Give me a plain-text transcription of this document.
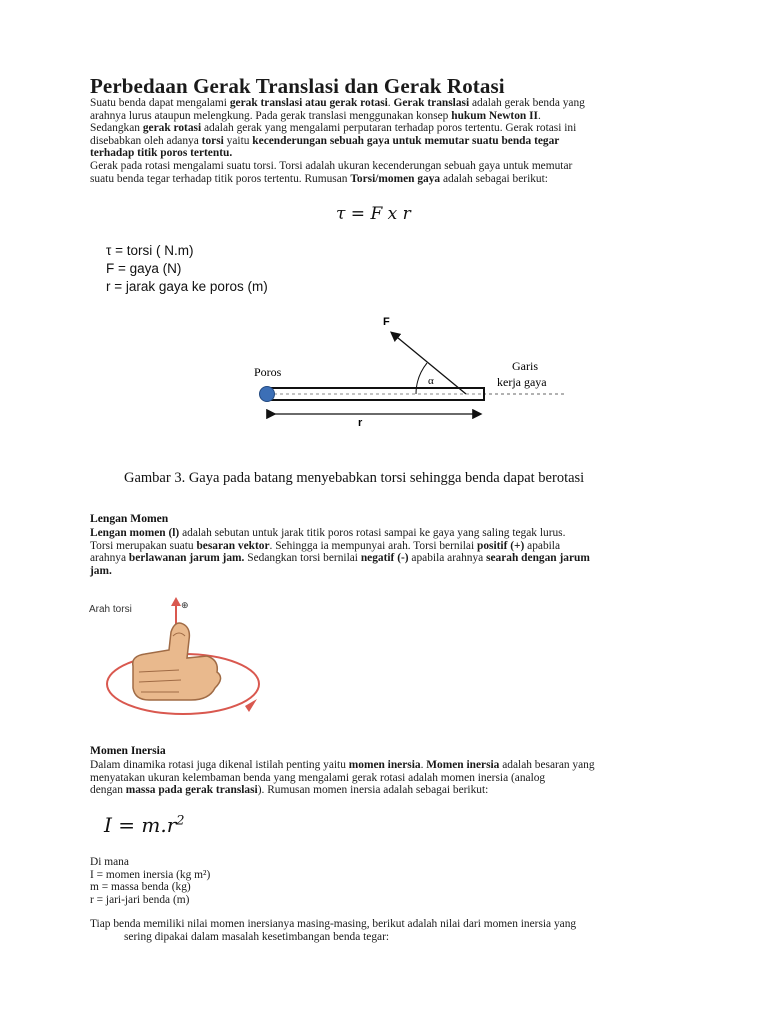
Perbedaan Gerak Translasi dan Gerak Rotasi
Suatu benda dapat mengalami gerak translasi atau gerak rotasi. Gerak translasi adalah gerak benda yang
arahnya lurus ataupun melengkung. Pada gerak translasi menggunakan konsep hukum Newton II.
Sedangkan gerak rotasi adalah gerak yang mengalami perputaran terhadap poros tertentu. Gerak rotasi ini
disebabkan oleh adanya torsi yaitu kecenderungan sebuah gaya untuk memutar suatu benda tegar
terhadap titik poros tertentu.
Gerak pada rotasi mengalami suatu torsi. Torsi adalah ukuran kecenderungan sebuah gaya untuk memutar
suatu benda tegar terhadap titik poros tertentu. Rumusan Torsi/momen gaya adalah sebagai berikut:
τ = F x r
τ = torsi ( N.m)
F = gaya (N)
r = jarak gaya ke poros (m)
F
Poros
α
Garis
kerja gaya
r
Gambar 3. Gaya pada batang menyebabkan torsi sehingga benda dapat berotasi
Lengan Momen
Lengan momen (l) adalah sebutan untuk jarak titik poros rotasi sampai ke gaya yang saling tegak lurus.
Torsi merupakan suatu besaran vektor. Sehingga ia mempunyai arah. Torsi bernilai positif (+) apabila
arahnya berlawanan jarum jam. Sedangkan torsi bernilai negatif (-) apabila arahnya searah dengan jarum
jam.
Arah torsi	⊕
Momen Inersia
Dalam dinamika rotasi juga dikenal istilah penting yaitu momen inersia. Momen inersia adalah besaran yang
menyatakan ukuran kelembaman benda yang mengalami gerak rotasi adalah momen inersia (analog
dengan massa pada gerak translasi). Rumusan momen inersia adalah sebagai berikut:
$I = m.r^2$
Di mana
I = momen inersia (kg m²)
m = massa benda (kg)
r = jari-jari benda (m)
Tiap benda memiliki nilai momen inersianya masing-masing, berikut adalah nilai dari momen inersia yang
sering dipakai dalam masalah kesetimbangan benda tegar:
